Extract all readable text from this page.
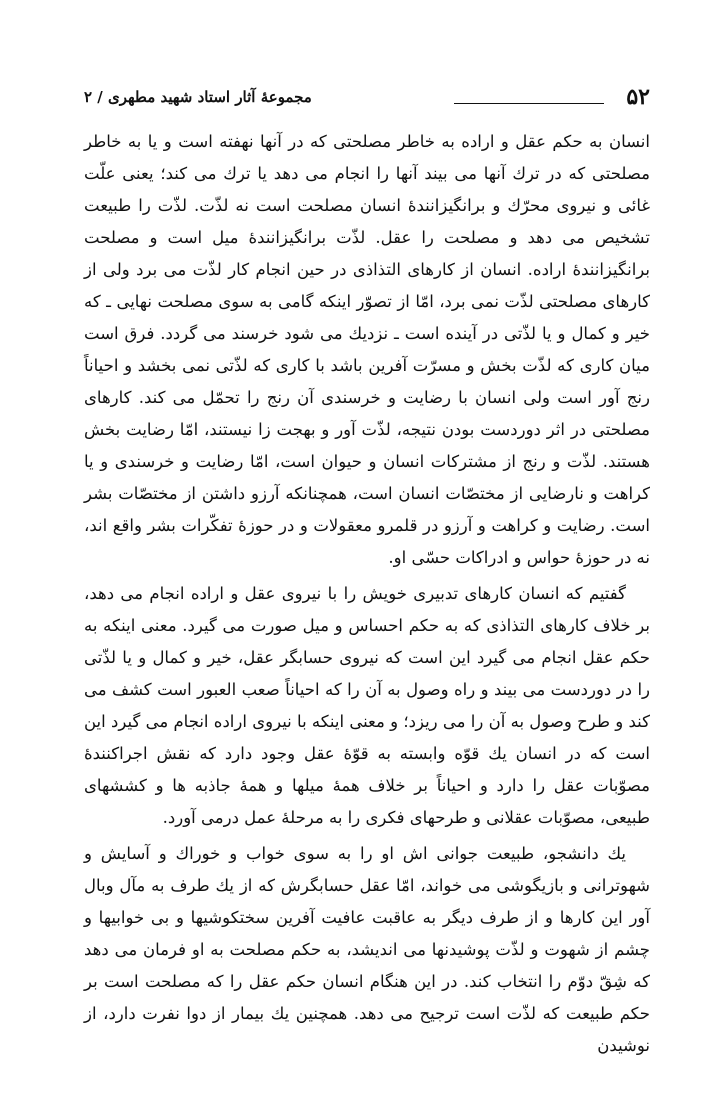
۵۲
مجموعهٔ آثار استاد شهید مطهری / ۲

انسان به حکم عقل و اراده به خاطر مصلحتی که در آنها نهفته است و یا به خاطر مصلحتی که در ترك آنها می بیند آنها را انجام می دهد یا ترك می کند؛ یعنی علّت غائی و نیروی محرّك و برانگیزانندهٔ انسان مصلحت است نه لذّت. لذّت را طبیعت تشخیص می دهد و مصلحت را عقل. لذّت برانگیزانندهٔ میل است و مصلحت برانگیزانندهٔ اراده. انسان از کارهای التذاذی در حین انجام کار لذّت می برد ولی از کارهای مصلحتی لذّت نمی برد، امّا از تصوّر اینکه گامی به سوی مصلحت نهایی ـ که خیر و کمال و یا لذّتی در آینده است ـ نزدیك می شود خرسند می گردد. فرق است میان کاری که لذّت بخش و مسرّت آفرین باشد با کاری که لذّتی نمی بخشد و احیاناً رنج آور است ولی انسان با رضایت و خرسندی آن رنج را تحمّل می کند. کارهای مصلحتی در اثر دوردست بودن نتیجه، لذّت آور و بهجت زا نیستند، امّا رضایت بخش هستند. لذّت و رنج از مشترکات انسان و حیوان است، امّا رضایت و خرسندی و یا کراهت و نارضایی از مختصّات انسان است، همچنانکه آرزو داشتن از مختصّات بشر است. رضایت و کراهت و آرزو در قلمرو معقولات و در حوزهٔ تفکّرات بشر واقع اند، نه در حوزهٔ حواس و ادراکات حسّی او.

گفتیم که انسان کارهای تدبیری خویش را با نیروی عقل و اراده انجام می دهد، بر خلاف کارهای التذاذی که به حکم احساس و میل صورت می گیرد. معنی اینکه به حکم عقل انجام می گیرد این است که نیروی حسابگر عقل، خیر و کمال و یا لذّتی را در دوردست می بیند و راه وصول به آن را که احیاناً صعب العبور است کشف می کند و طرح وصول به آن را می ریزد؛ و معنی اینکه با نیروی اراده انجام می گیرد این است که در انسان یك قوّه وابسته به قوّهٔ عقل وجود دارد که نقش اجراکنندهٔ مصوّبات عقل را دارد و احیاناً بر خلاف همهٔ میلها و همهٔ جاذبه ها و کششهای طبیعی، مصوّبات عقلانی و طرحهای فکری را به مرحلهٔ عمل درمی آورد.

یك دانشجو، طبیعت جوانی اش او را به سوی خواب و خوراك و آسایش و شهوترانی و بازیگوشی می خواند، امّا عقل حسابگرش که از یك طرف به مآل وبال آور این کارها و از طرف دیگر به عاقبت عافیت آفرین سختکوشیها و بی خوابیها و چشم از شهوت و لذّت پوشیدنها می اندیشد، به حکم مصلحت به او فرمان می دهد که شِقّ دوّم را انتخاب کند. در این هنگام انسان حکم عقل را که مصلحت است بر حکم طبیعت که لذّت است ترجیح می دهد. همچنین یك بیمار از دوا نفرت دارد، از نوشیدن
